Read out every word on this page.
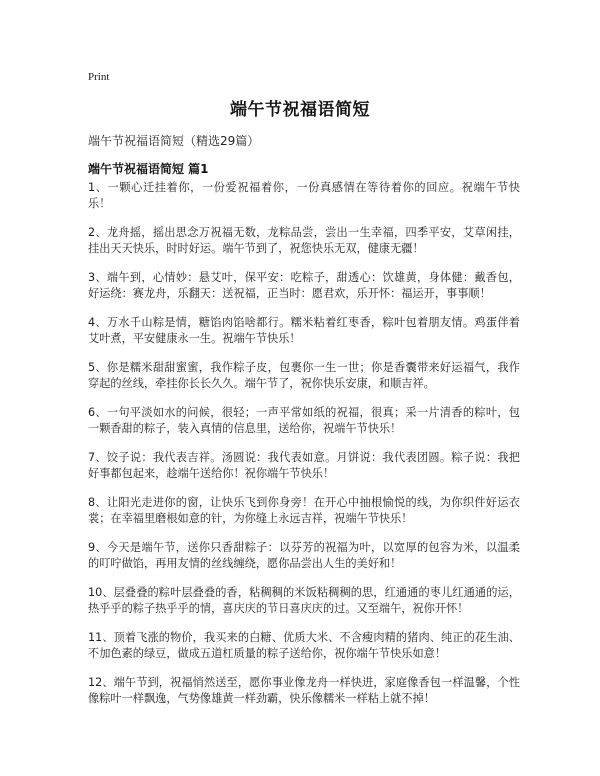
Print
端午节祝福语简短
端午节祝福语简短（精选29篇）
端午节祝福语简短 篇1

1、一颗心迁挂着你，一份爱祝福着你，一份真感情在等待着你的回应。祝端午节快乐！

2、龙舟摇，摇出思念万祝福无数，龙粽品尝，尝出一生幸福，四季平安，艾草闲挂，挂出天天快乐，时时好运。端午节到了，祝您快乐无双，健康无疆！

3、端午到，心情妙：悬艾叶，保平安：吃粽子，甜透心：饮雄黄，身体健：戴香包，好运绕：赛龙舟，乐翻天：送祝福，正当时：愿君欢，乐开怀：福运开，事事顺！

4、万水千山粽是情，糖馅肉馅啥都行。糯米粘着红枣香，粽叶包着朋友情。鸡蛋伴着艾叶煮，平安健康永一生。祝端午节快乐！

5、你是糯米甜甜蜜蜜，我作粽子皮，包裹你一生一世；你是香囊带来好运福气，我作穿起的丝线，牵挂你长长久久。端午节了，祝你快乐安康，和顺吉祥。

6、一句平淡如水的问候，很轻；一声平常如纸的祝福，很真；采一片清香的粽叶，包一颗香甜的粽子，装入真情的信息里，送给你，祝端午节快乐！

7、饺子说：我代表吉祥。汤圆说：我代表如意。月饼说：我代表团圆。粽子说：我把好事都包起来，趁端午送给你！祝你端午节快乐！

8、让阳光走进你的窗，让快乐飞到你身旁！在开心中抽根愉悦的线，为你织件好运衣裳；在幸福里磨根如意的针，为你缝上永远吉祥，祝端午节快乐！

9、今天是端午节，送你只香甜粽子：以芬芳的祝福为叶，以宽厚的包容为米，以温柔的叮咛做馅，再用友情的丝线缠绕，愿你品尝出人生的美好和！

10、层叠叠的粽叶层叠叠的香，粘稠稠的米饭粘稠稠的思，红通通的枣儿红通通的运，热乎乎的粽子热乎乎的情，喜庆庆的节日喜庆庆的过。又至端午，祝你开怀！

11、顶着飞涨的物价，我买来的白糖、优质大米、不含瘦肉精的猪肉、纯正的花生油、不加色素的绿豆，做成五道杠质量的粽子送给你，祝你端午节快乐如意！

12、端午节到，祝福悄然送至，愿你事业像龙舟一样快进，家庭像香包一样温馨，个性像粽叶一样飘逸，气势像雄黄一样劲霸，快乐像糯米一样粘上就不掉！
